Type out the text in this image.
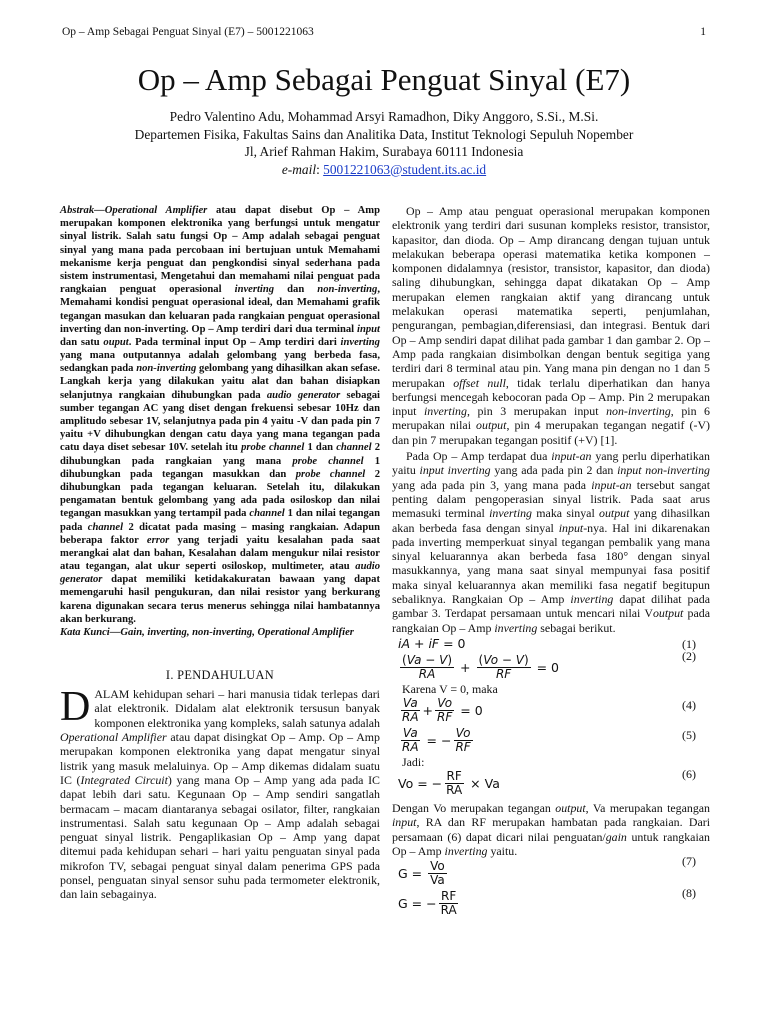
Op – Amp Sebagai Penguat Sinyal (E7) – 5001221063	1
Op – Amp Sebagai Penguat Sinyal (E7)
Pedro Valentino Adu, Mohammad Arsyi Ramadhon, Diky Anggoro, S.Si., M.Si.
Departemen Fisika, Fakultas Sains dan Analitika Data, Institut Teknologi Sepuluh Nopember
Jl, Arief Rahman Hakim, Surabaya 60111 Indonesia
e-mail: 5001221063@student.its.ac.id

Abstrak—Operational Amplifier atau dapat disebut Op – Amp merupakan komponen elektronika yang berfungsi untuk mengatur sinyal listrik. Salah satu fungsi Op – Amp adalah sebagai penguat sinyal yang mana pada percobaan ini bertujuan untuk Memahami mekanisme kerja penguat dan pengkondisi sinyal sederhana pada sistem instrumentasi, Mengetahui dan memahami nilai penguat pada rangkaian penguat operasional inverting dan non-inverting, Memahami kondisi penguat operasional ideal, dan Memahami grafik tegangan masukan dan keluaran pada rangkaian penguat operasional inverting dan non-inverting. Op – Amp terdiri dari dua terminal input dan satu ouput. Pada terminal input Op – Amp terdiri dari inverting yang mana outputannya adalah gelombang yang berbeda fasa, sedangkan pada non-inverting gelombang yang dihasilkan akan sefase. Langkah kerja yang dilakukan yaitu alat dan bahan disiapkan selanjutnya rangkaian dihubungkan pada audio generator sebagai sumber tegangan AC yang diset dengan frekuensi sebesar 10Hz dan amplitudo sebesar 1V, selanjutnya pada pin 4 yaitu -V dan pada pin 7 yaitu +V dihubungkan dengan catu daya yang mana tegangan pada catu daya diset sebesar 10V. setelah itu probe channel 1 dan channel 2 dihubungkan pada rangkaian yang mana probe channel 1 dihubungkan pada tegangan masukkan dan probe channel 2 dihubungkan pada tegangan keluaran. Setelah itu, dilakukan pengamatan bentuk gelombang yang ada pada osiloskop dan nilai tegangan masukkan yang tertampil pada channel 1 dan nilai tegangan pada channel 2 dicatat pada masing – masing rangkaian. Adapun beberapa faktor error yang terjadi yaitu kesalahan pada saat merangkai alat dan bahan, Kesalahan dalam mengukur nilai resistor atau tegangan, alat ukur seperti osiloskop, multimeter, atau audio generator dapat memiliki ketidakakuratan bawaan yang dapat memengaruhi hasil pengukuran, dan nilai resistor yang berkurang karena digunakan secara terus menerus sehingga nilai hambatannya akan berkurang.

Kata Kunci—Gain, inverting, non-inverting, Operational Amplifier

I. PENDAHULUAN

DALAM kehidupan sehari – hari manusia tidak terlepas dari alat elektronik. Didalam alat elektronik tersusun banyak komponen elektronika yang kompleks, salah satunya adalah Operational Amplifier atau dapat disingkat Op – Amp. Op – Amp merupakan komponen elektronika yang dapat mengatur sinyal listrik yang masuk melaluinya. Op – Amp dikemas didalam suatu IC (Integrated Circuit) yang mana Op – Amp yang ada pada IC dapat lebih dari satu. Kegunaan Op – Amp sendiri sangatlah bermacam – macam diantaranya sebagai osilator, filter, rangkaian instrumentasi. Salah satu kegunaan Op – Amp adalah sebagai penguat sinyal listrik. Pengaplikasian Op – Amp yang dapat ditemui pada kehidupan sehari – hari yaitu penguatan sinyal pada mikrofon TV, sebagai penguat sinyal dalam penerima GPS pada ponsel, penguatan sinyal sensor suhu pada termometer elektronik, dan lain sebagainya.

Op – Amp atau penguat operasional merupakan komponen elektronik yang terdiri dari susunan kompleks resistor, transistor, kapasitor, dan dioda. Op – Amp dirancang dengan tujuan untuk melakukan beberapa operasi matematika ketika komponen – komponen didalamnya (resistor, transistor, kapasitor, dan dioda) saling dihubungkan, sehingga dapat dikatakan Op – Amp merupakan elemen rangkaian aktif yang dirancang untuk melakukan operasi matematika seperti, penjumlahan, pengurangan, pembagian,diferensiasi, dan integrasi. Bentuk dari Op – Amp sendiri dapat dilihat pada gambar 1 dan gambar 2. Op – Amp pada rangkaian disimbolkan dengan bentuk segitiga yang terdiri dari 8 terminal atau pin. Yang mana pin dengan no 1 dan 5 merupakan offset null, tidak terlalu diperhatikan dan hanya berfungsi mencegah kebocoran pada Op – Amp. Pin 2 merupakan input inverting, pin 3 merupakan input non-inverting, pin 6 merupakan nilai output, pin 4 merupakan tegangan negatif (-V) dan pin 7 merupakan tegangan positif (+V) [1].

Pada Op – Amp terdapat dua input-an yang perlu diperhatikan yaitu input inverting yang ada pada pin 2 dan input non-inverting yang ada pada pin 3, yang mana pada input-an tersebut sangat penting dalam pengoperasian sinyal listrik. Pada saat arus memasuki terminal inverting maka sinyal output yang dihasilkan akan berbeda fasa dengan sinyal input-nya. Hal ini dikarenakan pada inverting memperkuat sinyal tegangan pembalik yang mana sinyal keluarannya akan berbeda fasa 180° dengan sinyal masukkannya, yang mana saat sinyal mempunyai fasa positif maka sinyal keluarannya akan memiliki fasa negatif begitupun sebaliknya. Rangkaian Op – Amp inverting dapat dilihat pada gambar 3. Terdapat persamaan untuk mencari nilai Voutput pada rangkaian Op – Amp inverting sebagai berikut.

iA + iF = 0	(1)
$\frac{(Va - V)}{RA} + \frac{(Vo - V)}{RF} = 0$
(2)

Karena V = 0, maka

$\frac{Va}{RA} + \frac{Vo}{RF} = 0$	(4)
$\frac{Va}{RA}$ = − $\frac{Vo}{RF}$	(5)

Jadi:

Vo = − $\frac{RF}{RA} \times Va$
(6)

Dengan Vo merupakan tegangan output, Va merupakan tegangan input, RA dan RF merupakan hambatan pada rangkaian. Dari persamaan (6) dapat dicari nilai penguatan/gain untuk rangkaian Op – Amp inverting yaitu.

$G = \frac{Vo}{Va}$	(7)
G = − $\frac{RF}{RA}$	(8)
